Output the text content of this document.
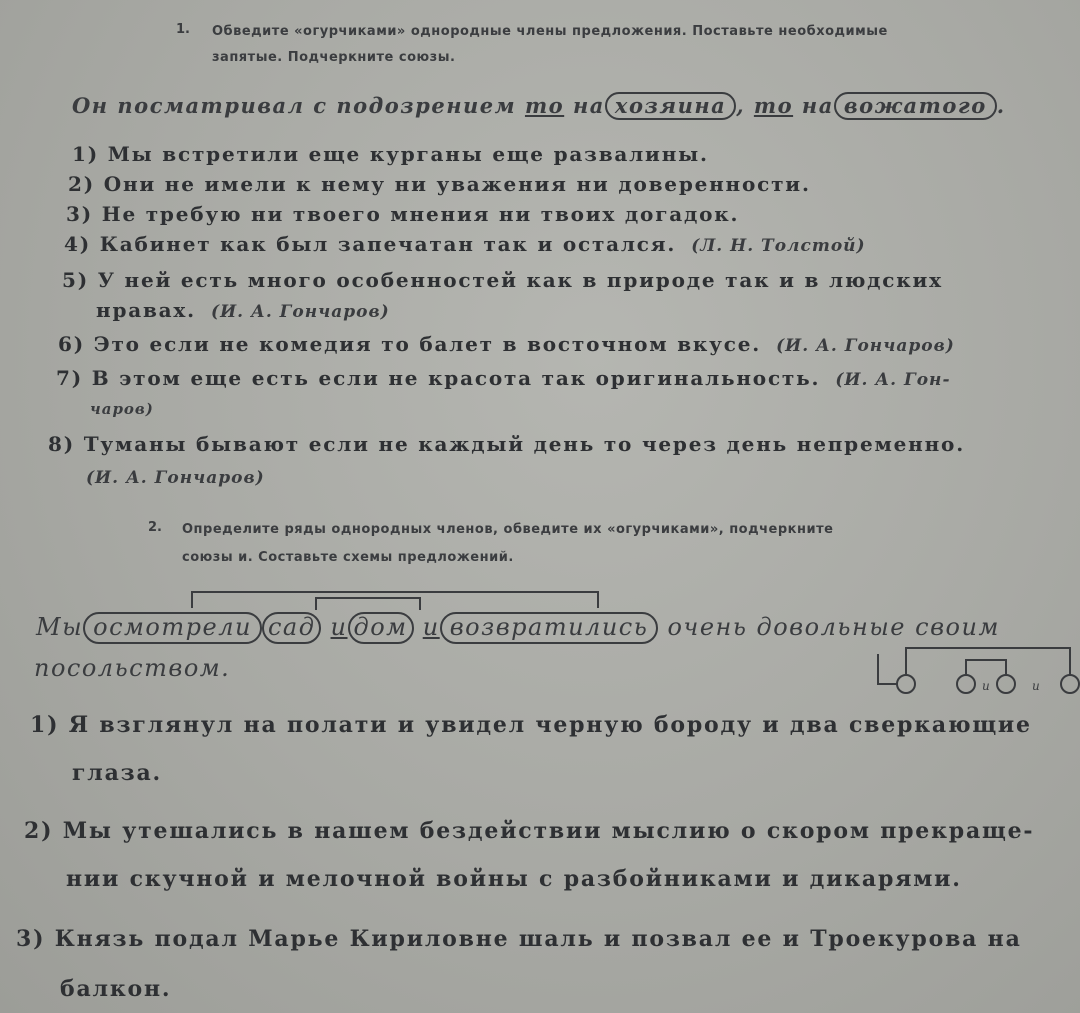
1. Обведите «огурчиками» однородные члены предложения. Поставьте необходимые
запятые. Подчеркните союзы.
Он посматривал с подозрением то на хозяина , то на вожатого .
1) Мы встретили еще курганы еще развалины.
2) Они не имели к нему ни уважения ни доверенности.
3) Не требую ни твоего мнения ни твоих догадок.
4) Кабинет как был запечатан так и остался. (Л. Н. Толстой)
5) У ней есть много особенностей как в природе так и в людских
нравах. (И. А. Гончаров)
6) Это если не комедия то балет в восточном вкусе. (И. А. Гончаров)
7) В этом еще есть если не красота так оригинальность. (И. А. Гон-
чаров)
8) Туманы бывают если не каждый день то через день непременно.
(И. А. Гончаров)
2. Определите ряды однородных членов, обведите их «огурчиками», подчеркните
союзы и. Составьте схемы предложений.
Мы осмотрели сад и дом и возвратились очень довольные своим
посольством.
и	и
1) Я взглянул на полати и увидел черную бороду и два сверкающие
глаза.
2) Мы утешались в нашем бездействии мыслию о скором прекраще-
нии скучной и мелочной войны с разбойниками и дикарями.
3) Князь подал Марье Кириловне шаль и позвал ее и Троекурова на
балкон.
